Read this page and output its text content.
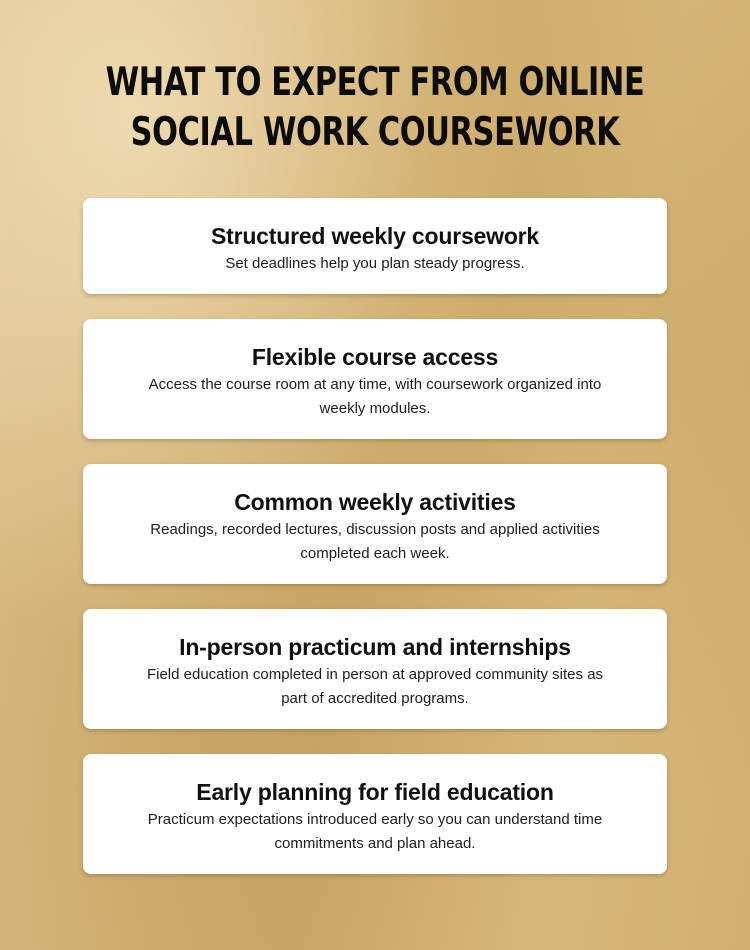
WHAT TO EXPECT FROM ONLINE
SOCIAL WORK COURSEWORK
Structured weekly coursework

Set deadlines help you plan steady progress.

Flexible course access

Access the course room at any time, with coursework organized into weekly modules.

Common weekly activities

Readings, recorded lectures, discussion posts and applied activities completed each week.

In-person practicum and internships

Field education completed in person at approved community sites as part of accredited programs.

Early planning for field education

Practicum expectations introduced early so you can understand time commitments and plan ahead.
